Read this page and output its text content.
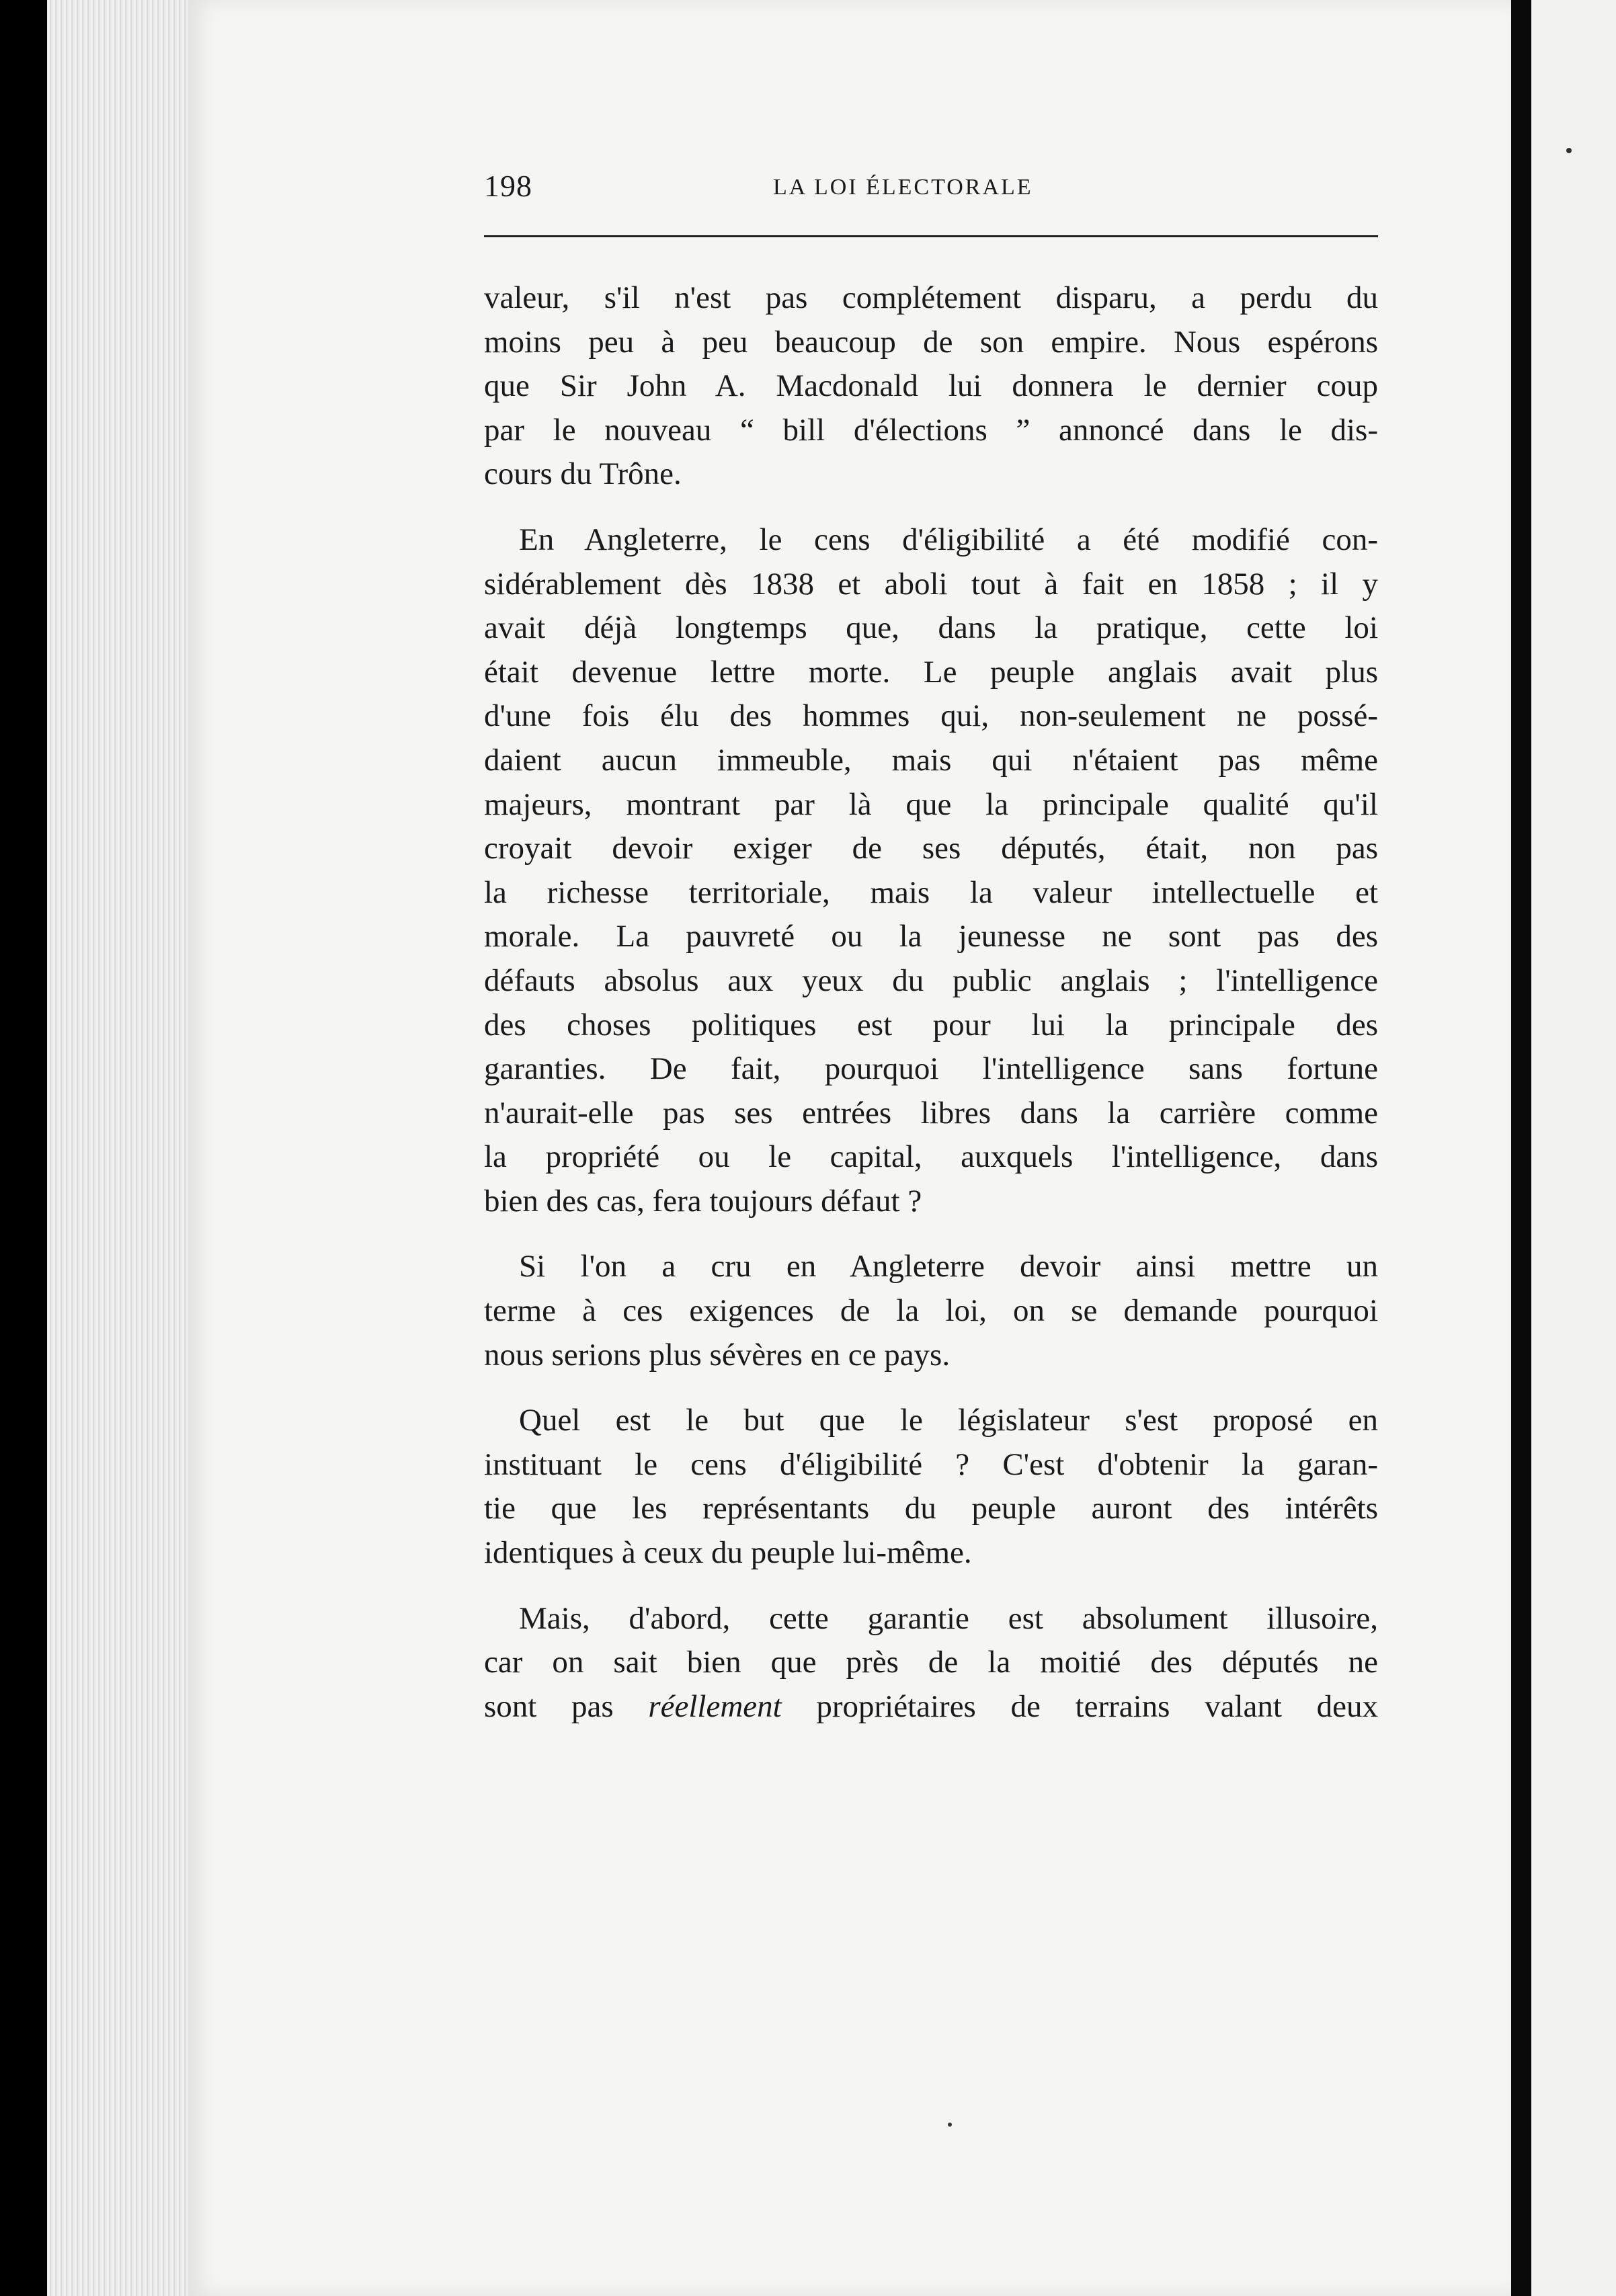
198	LA LOI ÉLECTORALE

valeur, s'il n'est pas complétement disparu, a perdu du
moins peu à peu beaucoup de son empire. Nous espérons
que Sir John A. Macdonald lui donnera le dernier coup
par le nouveau “ bill d'élections ” annoncé dans le dis-
cours du Trône.

En Angleterre, le cens d'éligibilité a été modifié con-
sidérablement dès 1838 et aboli tout à fait en 1858 ; il y
avait déjà longtemps que, dans la pratique, cette loi
était devenue lettre morte. Le peuple anglais avait plus
d'une fois élu des hommes qui, non-seulement ne possé-
daient aucun immeuble, mais qui n'étaient pas même
majeurs, montrant par là que la principale qualité qu'il
croyait devoir exiger de ses députés, était, non pas
la richesse territoriale, mais la valeur intellectuelle et
morale. La pauvreté ou la jeunesse ne sont pas des
défauts absolus aux yeux du public anglais ; l'intelligence
des choses politiques est pour lui la principale des
garanties. De fait, pourquoi l'intelligence sans fortune
n'aurait-elle pas ses entrées libres dans la carrière comme
la propriété ou le capital, auxquels l'intelligence, dans
bien des cas, fera toujours défaut ?

Si l'on a cru en Angleterre devoir ainsi mettre un
terme à ces exigences de la loi, on se demande pourquoi
nous serions plus sévères en ce pays.

Quel est le but que le législateur s'est proposé en
instituant le cens d'éligibilité ? C'est d'obtenir la garan-
tie que les représentants du peuple auront des intérêts
identiques à ceux du peuple lui-même.

Mais, d'abord, cette garantie est absolument illusoire,
car on sait bien que près de la moitié des députés ne
sont pas réellement propriétaires de terrains valant deux
